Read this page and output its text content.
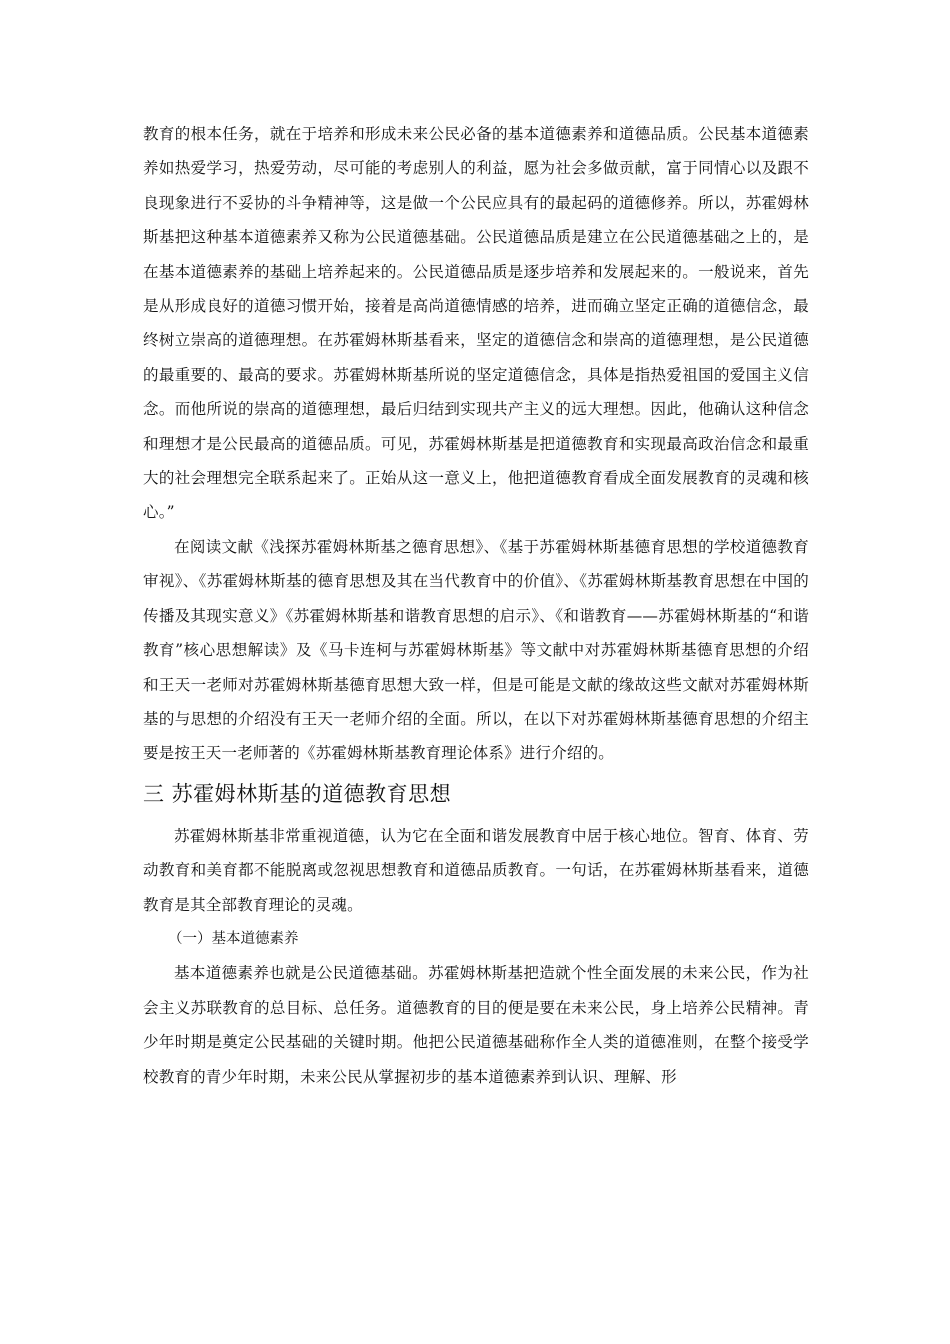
教育的根本任务，就在于培养和形成未来公民必备的基本道德素养和道德品质。公民基本道德素养如热爱学习，热爱劳动，尽可能的考虑别人的利益，愿为社会多做贡献，富于同情心以及跟不良现象进行不妥协的斗争精神等，这是做一个公民应具有的最起码的道德修养。所以，苏霍姆林斯基把这种基本道德素养又称为公民道德基础。公民道德品质是建立在公民道德基础之上的，是在基本道德素养的基础上培养起来的。公民道德品质是逐步培养和发展起来的。一般说来，首先是从形成良好的道德习惯开始，接着是高尚道德情感的培养，进而确立坚定正确的道德信念，最终树立崇高的道德理想。在苏霍姆林斯基看来，坚定的道德信念和崇高的道德理想，是公民道德的最重要的、最高的要求。苏霍姆林斯基所说的坚定道德信念，具体是指热爱祖国的爱国主义信念。而他所说的崇高的道德理想，最后归结到实现共产主义的远大理想。因此，他确认这种信念和理想才是公民最高的道德品质。可见，苏霍姆林斯基是把道德教育和实现最高政治信念和最重大的社会理想完全联系起来了。正始从这一意义上，他把道德教育看成全面发展教育的灵魂和核心。”

在阅读文献《浅探苏霍姆林斯基之德育思想》、《基于苏霍姆林斯基德育思想的学校道德教育审视》、《苏霍姆林斯基的德育思想及其在当代教育中的价值》、《苏霍姆林斯基教育思想在中国的传播及其现实意义》《苏霍姆林斯基和谐教育思想的启示》、《和谐教育——苏霍姆林斯基的“和谐教育”核心思想解读》及《马卡连柯与苏霍姆林斯基》等文献中对苏霍姆林斯基德育思想的介绍和王天一老师对苏霍姆林斯基德育思想大致一样，但是可能是文献的缘故这些文献对苏霍姆林斯基的与思想的介绍没有王天一老师介绍的全面。所以，在以下对苏霍姆林斯基德育思想的介绍主要是按王天一老师著的《苏霍姆林斯基教育理论体系》进行介绍的。

三 苏霍姆林斯基的道德教育思想

苏霍姆林斯基非常重视道德，认为它在全面和谐发展教育中居于核心地位。智育、体育、劳动教育和美育都不能脱离或忽视思想教育和道德品质教育。一句话，在苏霍姆林斯基看来，道德教育是其全部教育理论的灵魂。

（一）基本道德素养

基本道德素养也就是公民道德基础。苏霍姆林斯基把造就个性全面发展的未来公民，作为社会主义苏联教育的总目标、总任务。道德教育的目的便是要在未来公民，身上培养公民精神。青少年时期是奠定公民基础的关键时期。他把公民道德基础称作全人类的道德准则，在整个接受学校教育的青少年时期，未来公民从掌握初步的基本道德素养到认识、理解、形
